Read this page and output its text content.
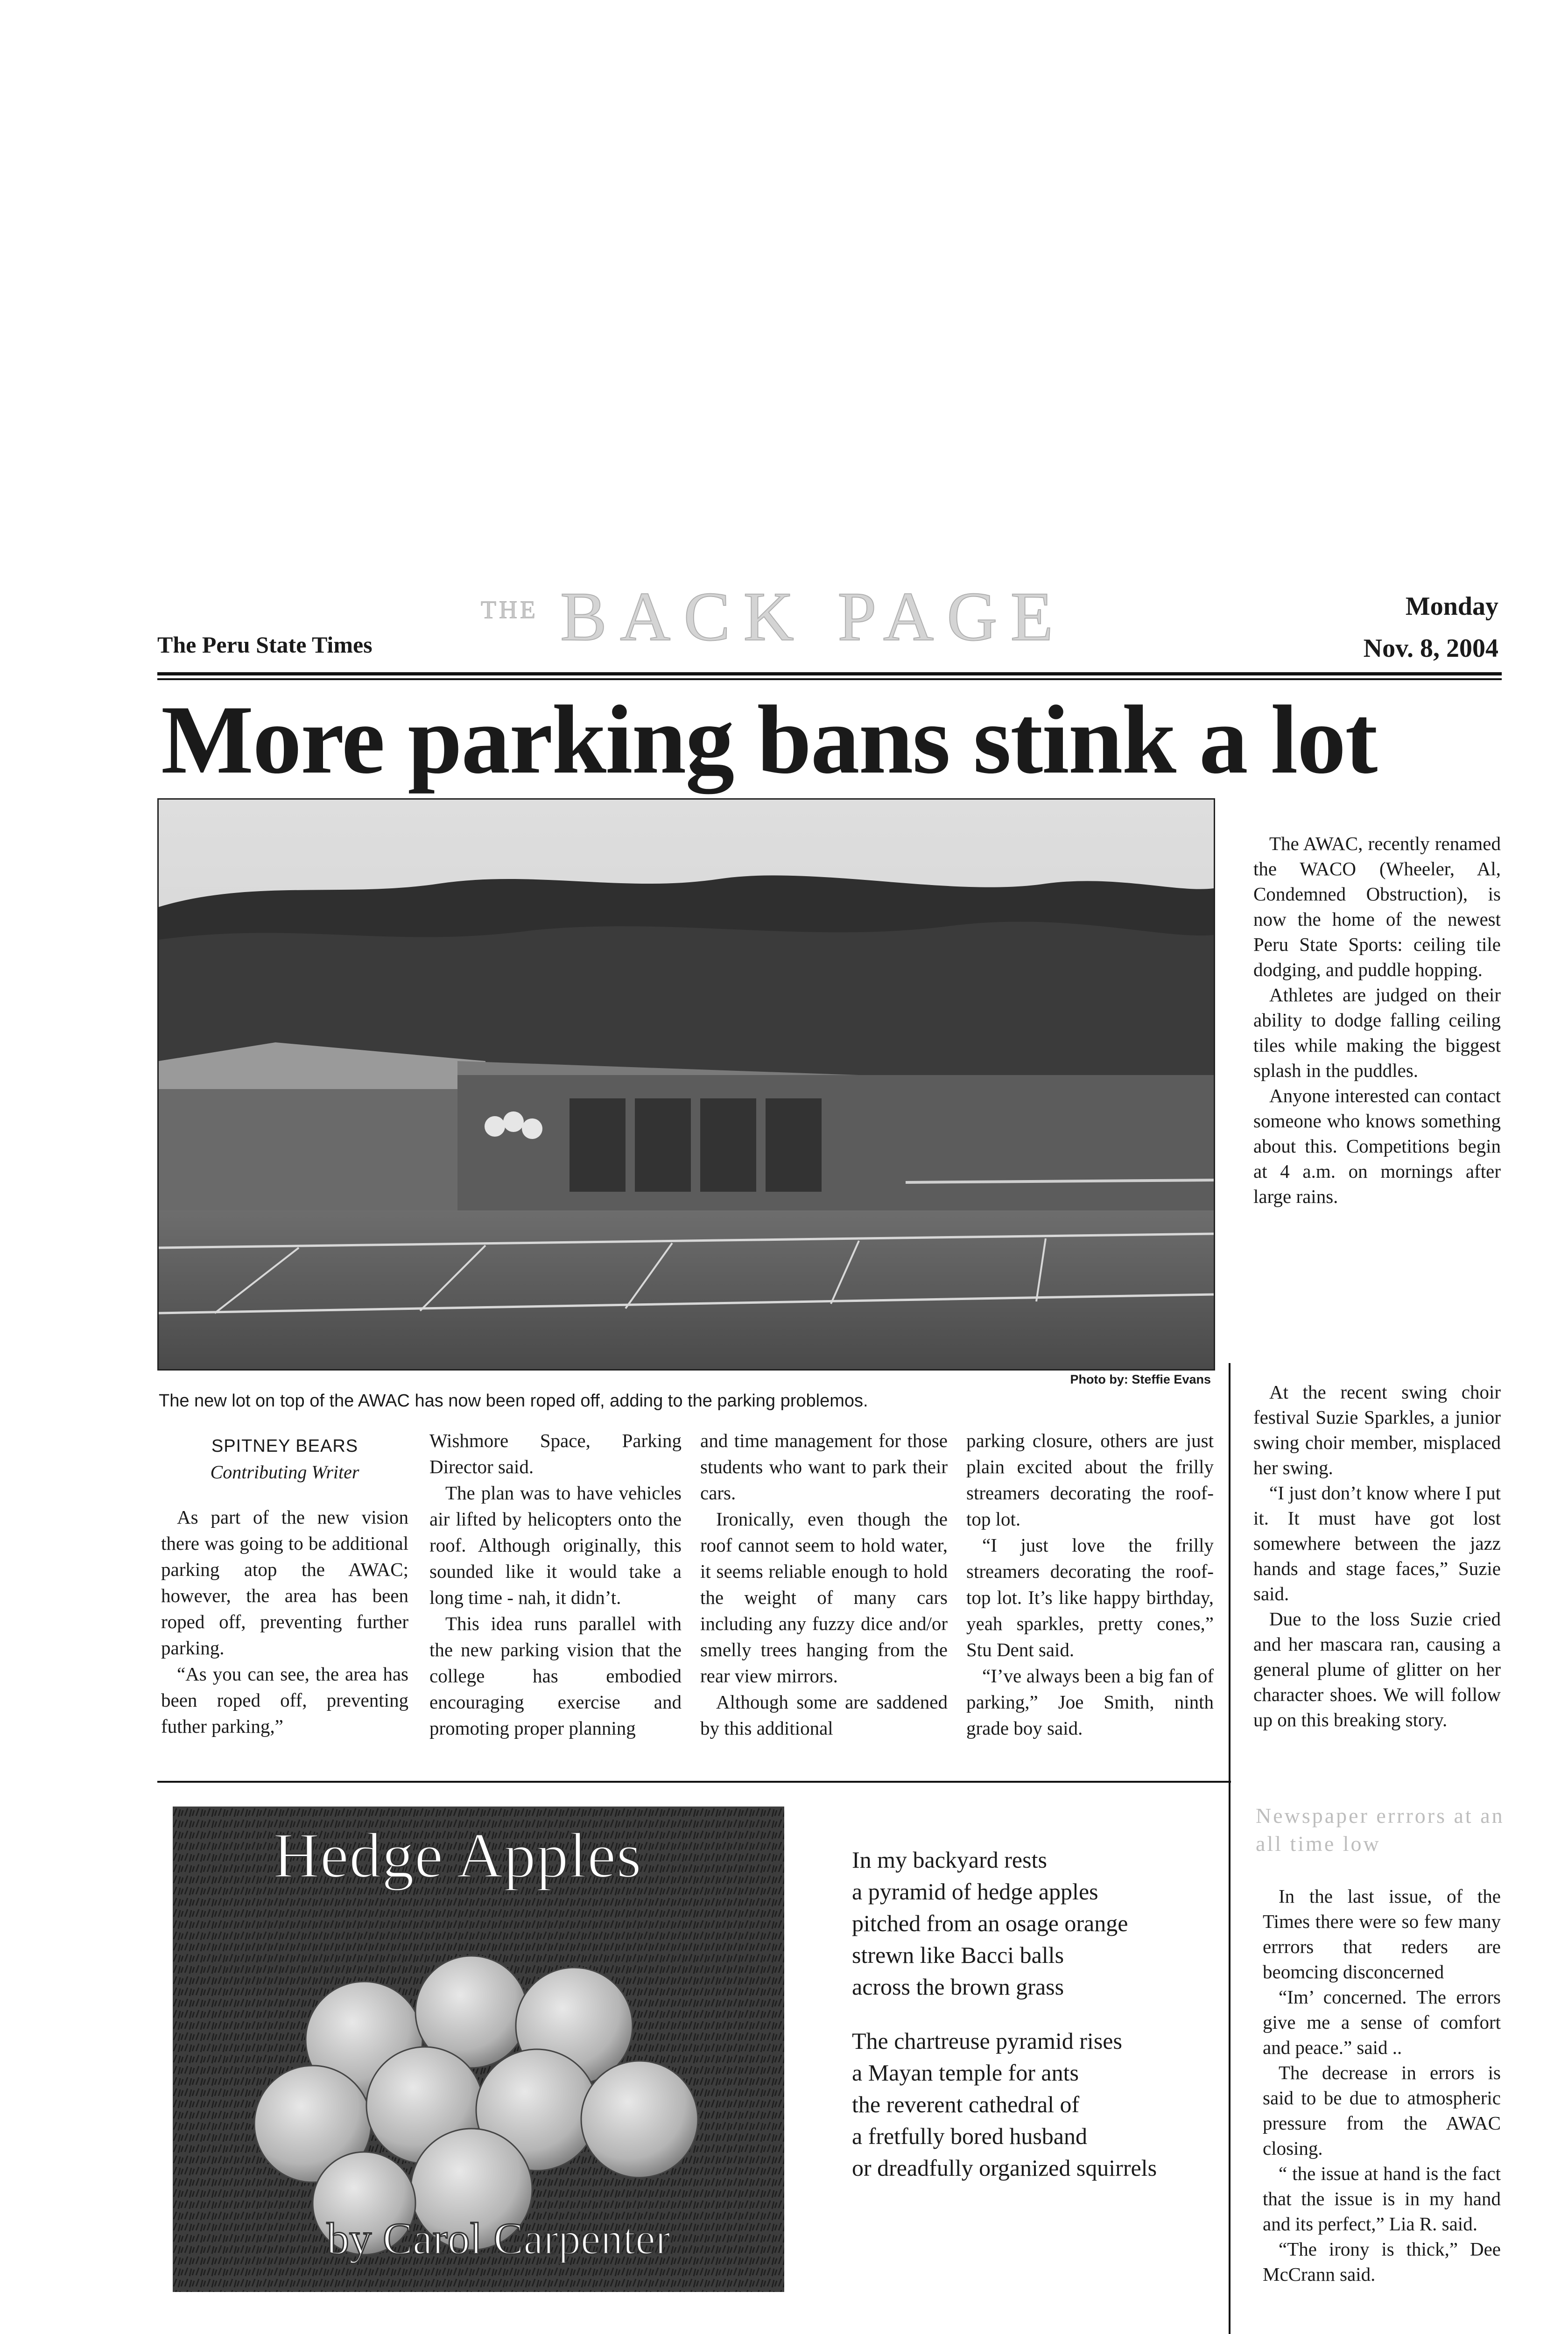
The Peru State Times
THE BACK PAGE	Monday
Nov. 8, 2004
More parking bans stink a lot
Photo by: Steffie Evans
The new lot on top of the AWAC has now been roped off, adding to the parking problemos.
SPITNEY BEARS
Contributing Writer

As part of the new vision there was going to be additional parking atop the AWAC; however, the area has been roped off, preventing further parking.

“As you can see, the area has been roped off, preventing futher parking,”

Wishmore Space, Parking Director said.

The plan was to have vehicles air lifted by helicopters onto the roof. Although originally, this sounded like it would take a long time - nah, it didn’t.

This idea runs parallel with the new parking vision that the college has embodied encouraging exercise and promoting proper planning

and time management for those students who want to park their cars.

Ironically, even though the roof cannot seem to hold water, it seems reliable enough to hold the weight of many cars including any fuzzy dice and/or smelly trees hanging from the rear view mirrors.

Although some are saddened by this additional

parking closure, others are just plain excited about the frilly streamers decorating the roof-top lot.

“I just love the frilly streamers decorating the roof-top lot. It’s like happy birthday, yeah sparkles, pretty cones,” Stu Dent said.

“I’ve always been a big fan of parking,” Joe Smith, ninth grade boy said.

The AWAC, recently renamed the WACO (Wheeler, Al, Condemned Obstruction), is now the home of the newest Peru State Sports: ceiling tile dodging, and puddle hopping.

Athletes are judged on their ability to dodge falling ceiling tiles while making the biggest splash in the puddles.

Anyone interested can contact someone who knows something about this. Competitions begin at 4 a.m. on mornings after large rains.

At the recent swing choir festival Suzie Sparkles, a junior swing choir member, misplaced her swing.

“I just don’t know where I put it. It must have got lost somewhere between the jazz hands and stage faces,” Suzie said.

Due to the loss Suzie cried and her mascara ran, causing a general plume of glitter on her character shoes. We will follow up on this breaking story.

Newspaper errrors at an all time low

In the last issue, of the Times there were so few many errrors that reders are beomcing disconcerned

“Im’ concerned. The errors give me a sense of comfort and peace.” said ..

The decrease in errors is said to be due to atmospheric pressure from the AWAC closing.

“ the issue at hand is the fact that the issue is in my hand and its perfect,” Lia R. said.

“The irony is thick,” Dee McCrann said.

Hedge Apples
by Carol Carpenter
In my backyard rests
a pyramid of hedge apples
pitched from an osage orange
strewn like Bacci balls
across the brown grass
The chartreuse pyramid rises
a Mayan temple for ants
the reverent cathedral of
a fretfully bored husband
or dreadfully organized squirrels
